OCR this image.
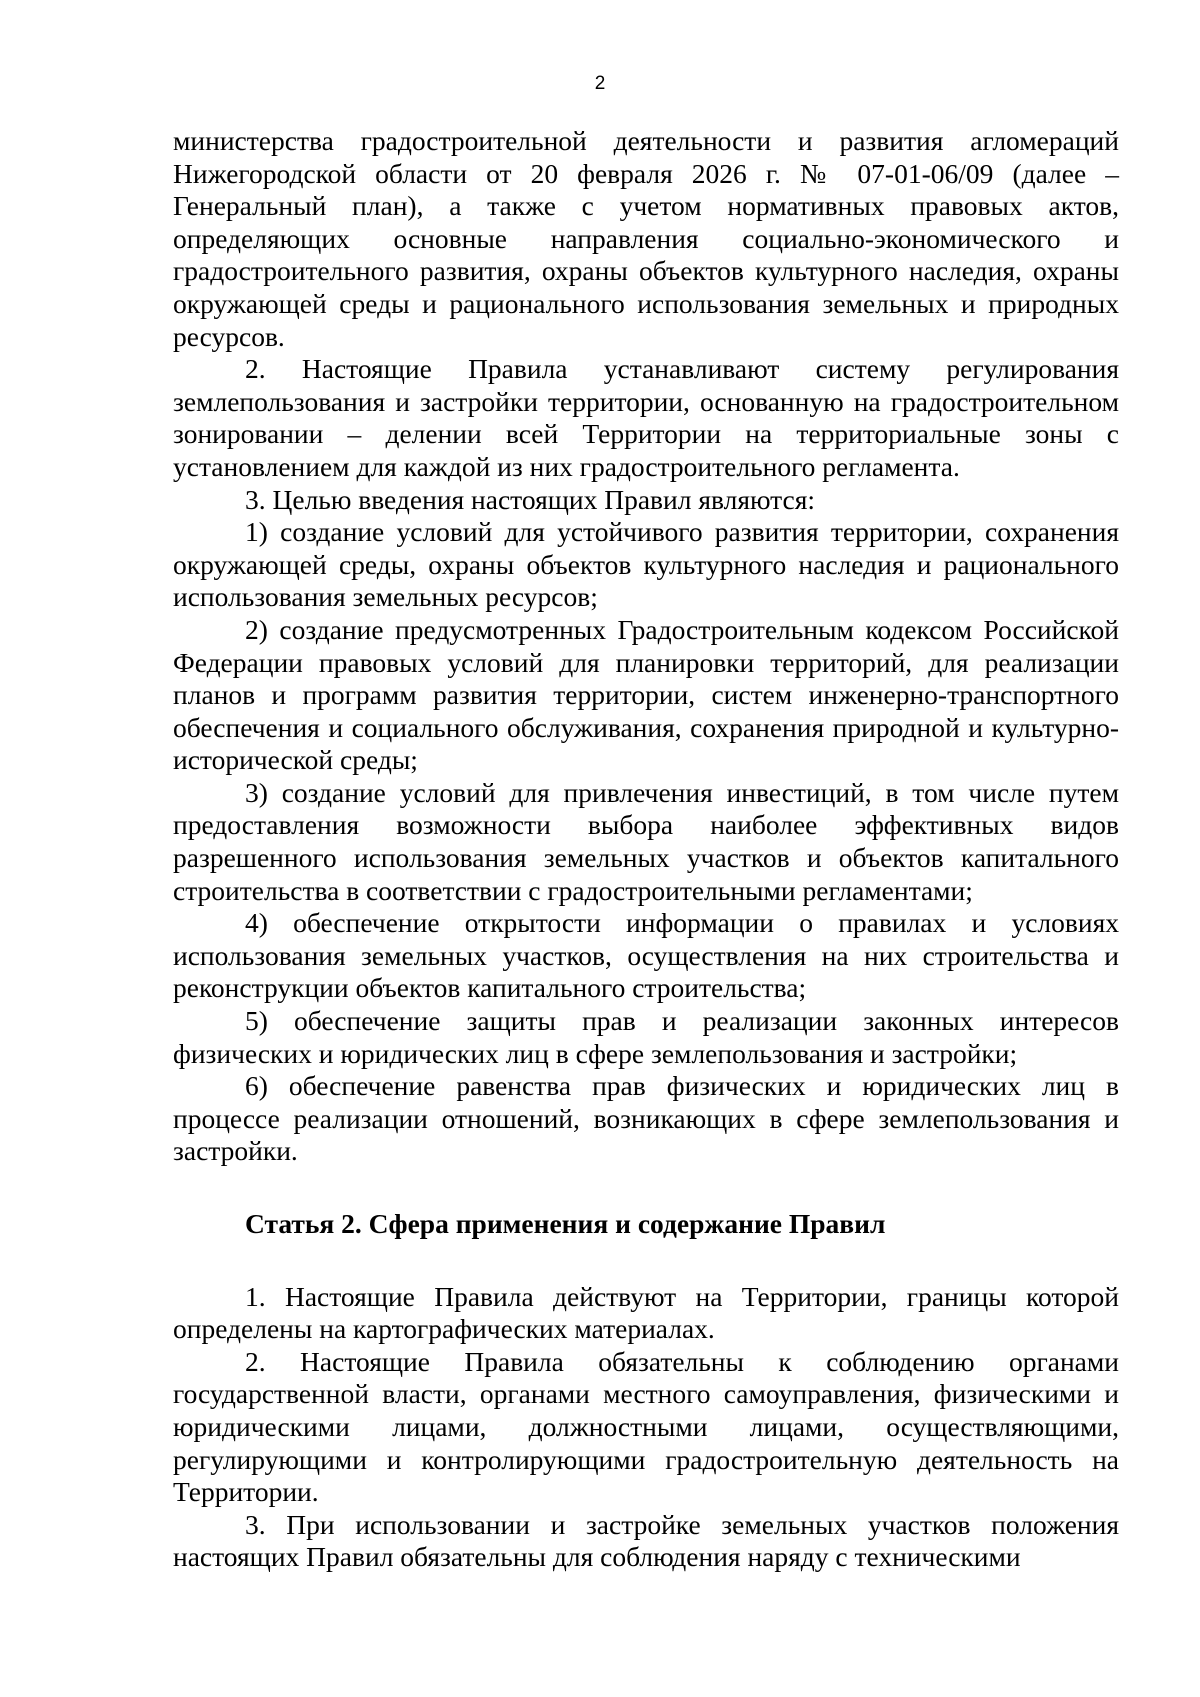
2

министерства градостроительной деятельности и развития агломераций Нижегородской области от 20 февраля 2026 г. № 07-01-06/09 (далее – Генеральный план), а также с учетом нормативных правовых актов, определяющих основные направления социально-экономического и градостроительного развития, охраны объектов культурного наследия, охраны окружающей среды и рационального использования земельных и природных ресурсов.

2. Настоящие Правила устанавливают систему регулирования землепользования и застройки территории, основанную на градостроительном зонировании – делении всей Территории на территориальные зоны с установлением для каждой из них градостроительного регламента.

3. Целью введения настоящих Правил являются:

1) создание условий для устойчивого развития территории, сохранения окружающей среды, охраны объектов культурного наследия и рационального использования земельных ресурсов;

2) создание предусмотренных Градостроительным кодексом Российской Федерации правовых условий для планировки территорий, для реализации планов и программ развития территории, систем инженерно-транспортного обеспечения и социального обслуживания, сохранения природной и культурно-исторической среды;

3) создание условий для привлечения инвестиций, в том числе путем предоставления возможности выбора наиболее эффективных видов разрешенного использования земельных участков и объектов капитального строительства в соответствии с градостроительными регламентами;

4) обеспечение открытости информации о правилах и условиях использования земельных участков, осуществления на них строительства и реконструкции объектов капитального строительства;

5) обеспечение защиты прав и реализации законных интересов физических и юридических лиц в сфере землепользования и застройки;

6) обеспечение равенства прав физических и юридических лиц в процессе реализации отношений, возникающих в сфере землепользования и застройки.

Статья 2. Сфера применения и содержание Правил

1. Настоящие Правила действуют на Территории, границы которой определены на картографических материалах.

2. Настоящие Правила обязательны к соблюдению органами государственной власти, органами местного самоуправления, физическими и юридическими лицами, должностными лицами, осуществляющими, регулирующими и контролирующими градостроительную деятельность на Территории.

3. При использовании и застройке земельных участков положения настоящих Правил обязательны для соблюдения наряду с техническими
